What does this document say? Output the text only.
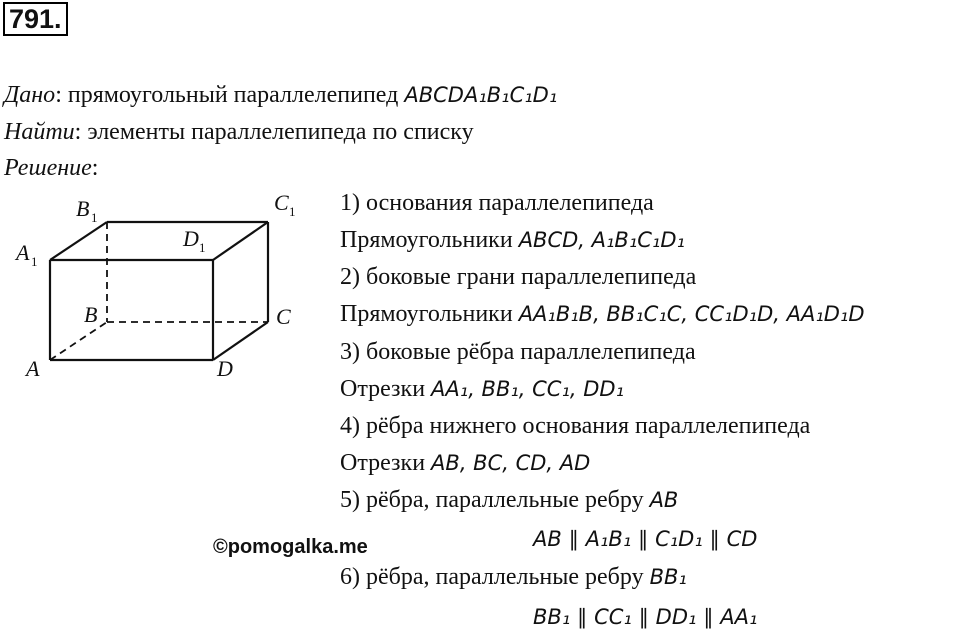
791.
Дано: прямоугольный параллелепипед ABCDA₁B₁C₁D₁
Найти: элементы параллелепипеда по списку
Решение:
A
B	C
D
A 1
B 1
C 1
D 1
1) основания параллелепипеда
Прямоугольники ABCD, A₁B₁C₁D₁
2) боковые грани параллелепипеда
Прямоугольники AA₁B₁B, BB₁C₁C, CC₁D₁D, AA₁D₁D
3) боковые рёбра параллелепипеда
Отрезки AA₁, BB₁, CC₁, DD₁
4) рёбра нижнего основания параллелепипеда
Отрезки AB, BC, CD, AD
5) рёбра, параллельные ребру AB
AB ∥ A₁B₁ ∥ C₁D₁ ∥ CD
6) рёбра, параллельные ребру BB₁
BB₁ ∥ CC₁ ∥ DD₁ ∥ AA₁
©pomogalka.me
